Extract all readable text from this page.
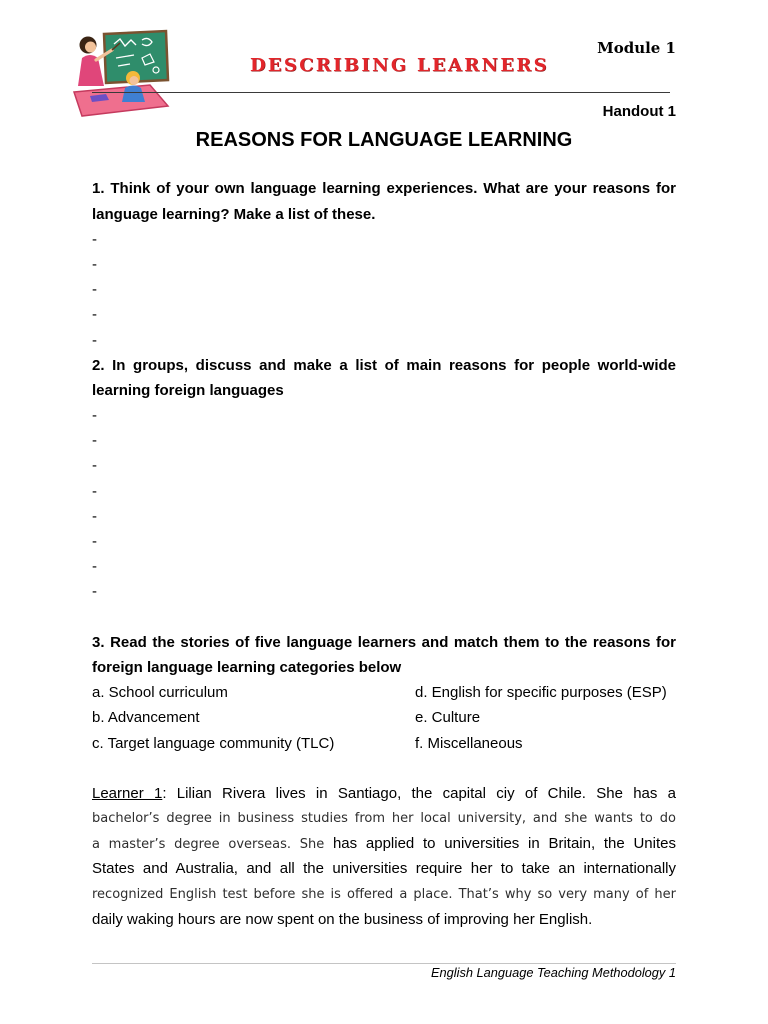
Module 1
DESCRIBING LEARNERS
Handout 1
REASONS FOR LANGUAGE LEARNING
1. Think of your own language learning experiences. What are your reasons for
language learning? Make a list of these.
-
-
-
-
-
2. In groups, discuss and make a list of main reasons for people world-wide
learning foreign languages
-
-
-
-
-
-
-
-
3. Read the stories of five language learners and match them to the reasons for
foreign language learning categories below
a. School curriculum	d. English for specific purposes (ESP)
b. Advancement	e. Culture
c. Target language community (TLC)	f. Miscellaneous
Learner 1: Lilian Rivera lives in Santiago, the capital ciy of Chile. She has a
bachelor’s degree in business studies from her local university, and she wants to do
a master’s degree overseas. She has applied to universities in Britain, the Unites
States and Australia, and all the universities require her to take an internationally
recognized English test before she is offered a place. That’s why so very many of her
daily waking hours are now spent on the business of improving her English.
English Language Teaching Methodology 1
